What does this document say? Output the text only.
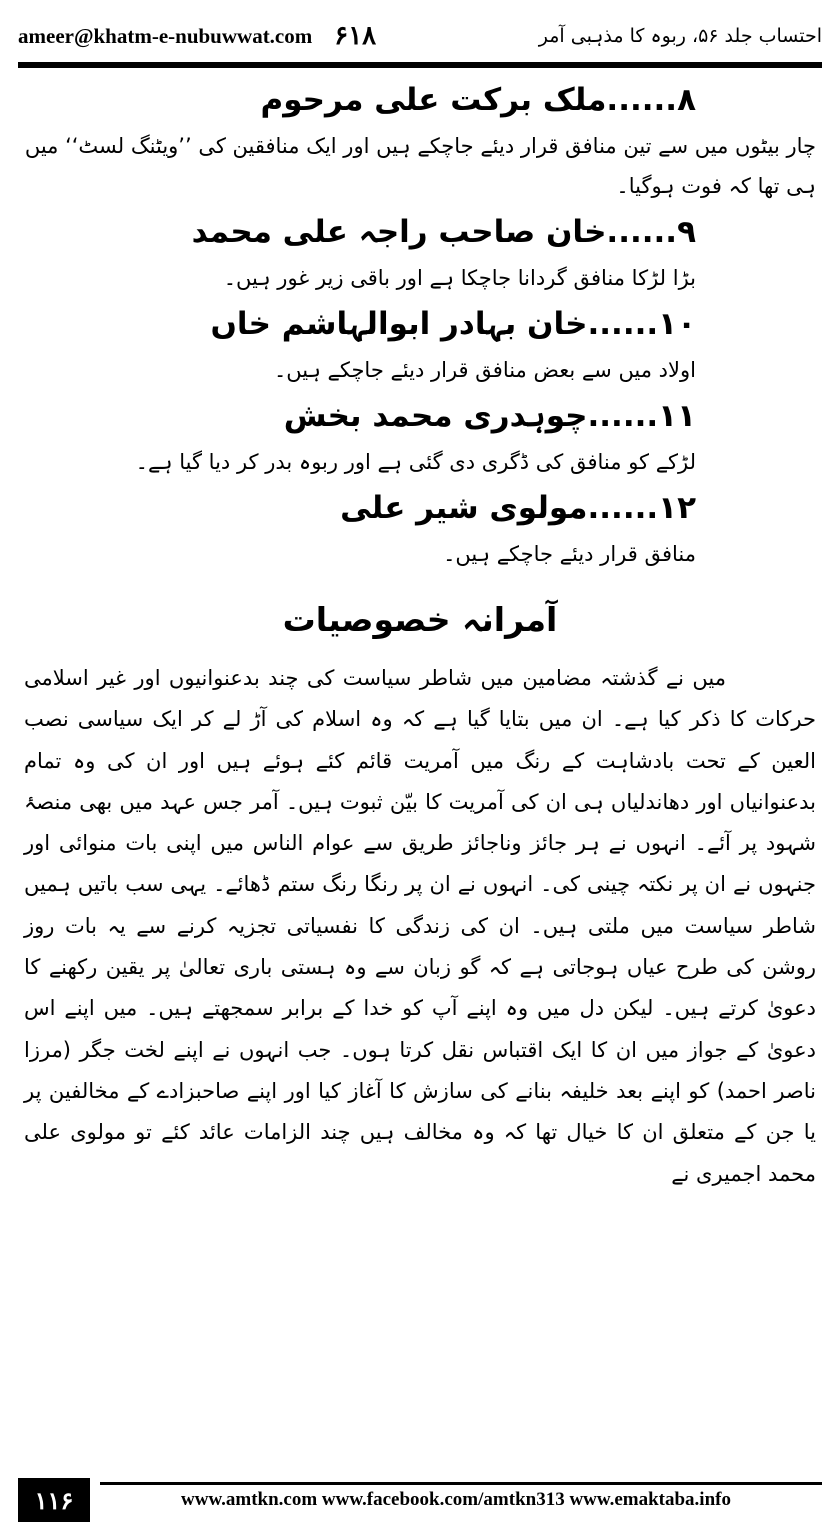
ameer@khatm-e-nubuwwat.com ۶۱۸	احتساب جلد ۵۶، ربوہ کا مذہبی آمر
۸......ملک برکت علی مرحوم
چار بیٹوں میں سے تین منافق قرار دیئے جاچکے ہیں اور ایک منافقین کی ’’ویٹنگ لسٹ‘‘ میں ہی تھا کہ فوت ہوگیا۔
۹......خان صاحب راجہ علی محمد
بڑا لڑکا منافق گردانا جاچکا ہے اور باقی زیر غور ہیں۔
۱۰......خان بہادر ابوالہاشم خاں
اولاد میں سے بعض منافق قرار دیئے جاچکے ہیں۔
۱۱......چوہدری محمد بخش
لڑکے کو منافق کی ڈگری دی گئی ہے اور ربوہ بدر کر دیا گیا ہے۔
۱۲......مولوی شیر علی
منافق قرار دیئے جاچکے ہیں۔
آمرانہ خصوصیات
میں نے گذشتہ مضامین میں شاطر سیاست کی چند بدعنوانیوں اور غیر اسلامی حرکات کا ذکر کیا ہے۔ ان میں بتایا گیا ہے کہ وہ اسلام کی آڑ لے کر ایک سیاسی نصب العین کے تحت بادشاہت کے رنگ میں آمریت قائم کئے ہوئے ہیں اور ان کی وہ تمام بدعنوانیاں اور دھاندلیاں ہی ان کی آمریت کا بیّن ثبوت ہیں۔ آمر جس عہد میں بھی منصۂ شہود پر آئے۔ انہوں نے ہر جائز وناجائز طریق سے عوام الناس میں اپنی بات منوائی اور جنہوں نے ان پر نکتہ چینی کی۔ انہوں نے ان پر رنگا رنگ ستم ڈھائے۔ یہی سب باتیں ہمیں شاطر سیاست میں ملتی ہیں۔ ان کی زندگی کا نفسیاتی تجزیہ کرنے سے یہ بات روز روشن کی طرح عیاں ہوجاتی ہے کہ گو زبان سے وہ ہستی باری تعالیٰ پر یقین رکھنے کا دعویٰ کرتے ہیں۔ لیکن دل میں وہ اپنے آپ کو خدا کے برابر سمجھتے ہیں۔ میں اپنے اس دعویٰ کے جواز میں ان کا ایک اقتباس نقل کرتا ہوں۔ جب انہوں نے اپنے لخت جگر (مرزا ناصر احمد) کو اپنے بعد خلیفہ بنانے کی سازش کا آغاز کیا اور اپنے صاحبزادے کے مخالفین پر یا جن کے متعلق ان کا خیال تھا کہ وہ مخالف ہیں چند الزامات عائد کئے تو مولوی علی محمد اجمیری نے
۱۱۶	www.amtkn.com www.facebook.com/amtkn313 www.emaktaba.info
